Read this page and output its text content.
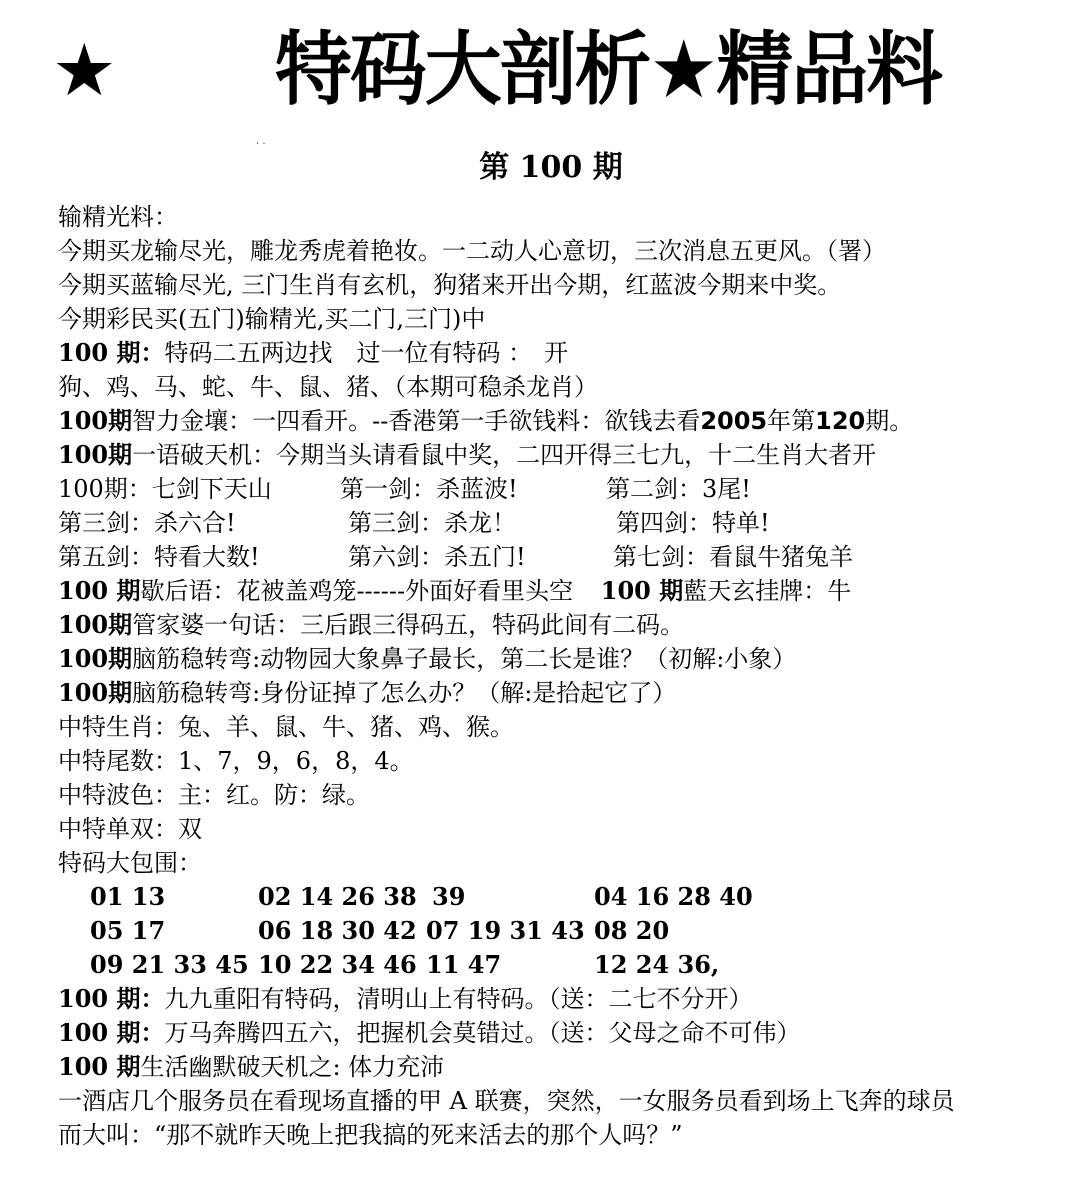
★ 特码大剖析★精品料
. .
第 100 期
输精光料：
今期买龙输尽光，雕龙秀虎着艳妆。一二动人心意切，三次消息五更风。（署）
今期买蓝输尽光, 三门生肖有玄机，狗猪来开出今期，红蓝波今期来中奖。
今期彩民买(五门)输精光,买二门,三门)中
100 期：特码二五两边找　过一位有特码 ：　开
狗、鸡、马、蛇、牛、鼠、猪、（本期可稳杀龙肖）
100期智力金壤：一四看开。--香港第一手欲钱料：欲钱去看2005年第120期。
100期一语破天机：今期当头请看鼠中奖，二四开得三七九，十二生肖大者开
100期：七剑下天山	第一剑：杀蓝波!	第二剑：3尾!
第三剑：杀六合!	第三剑：杀龙！	第四剑：特单!
第五剑：特看大数!	第六剑：杀五门!	第七剑：看鼠牛猪兔羊
100 期歇后语：花被盖鸡笼------外面好看里头空 100 期藍天玄挂牌：牛
100期管家婆一句话：三后跟三得码五，特码此间有二码。
100期脑筋稳转弯:动物园大象鼻子最长，第二长是谁？（初解:小象）
100期脑筋稳转弯:身份证掉了怎么办？（解:是拾起它了）
中特生肖：兔、羊、鼠、牛、猪、鸡、猴。
中特尾数：1、7，9，6，8，4。
中特波色：主：红。防：绿。
中特单双：双
特码大包围：
01 13	02 14 26 38 39	04 16 28 40
05 17	06 18 30 42 07 19 31 43 08 20
09 21 33 45 10 22 34 46 11 47	12 24 36,
100 期：九九重阳有特码，清明山上有特码。（送：二七不分开）
100 期：万马奔腾四五六，把握机会莫错过。（送：父母之命不可伟）
100 期生活幽默破天机之: 体力充沛
一酒店几个服务员在看现场直播的甲 A 联赛，突然，一女服务员看到场上飞奔的球员
而大叫：“那不就昨天晚上把我搞的死来活去的那个人吗？”
